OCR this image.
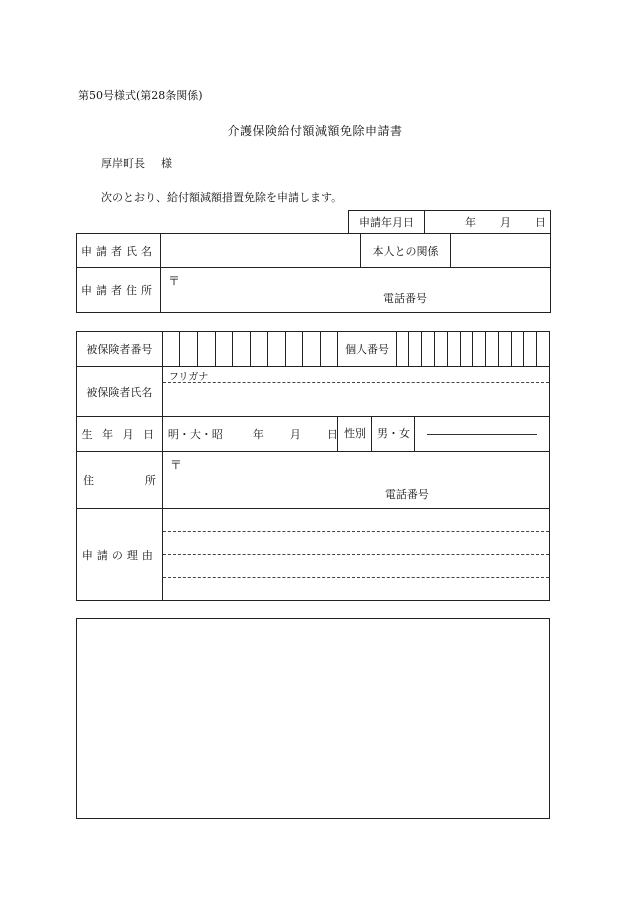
第50号様式(第28条関係)
介護保険給付額減額免除申請書
厚岸町長 様
次のとおり、給付額減額措置免除を申請します。
申請年月日	年 月 日
申請者氏名		本人との関係	
申請者住所	〒
電話番号		
被保険者番号											個人番号												
被保険者氏名	フリガナ																						

生 年 月 日	明・大・昭 年 月 日										性別 男・女												

住 所	〒
電話番号																						

申請の理由																							
